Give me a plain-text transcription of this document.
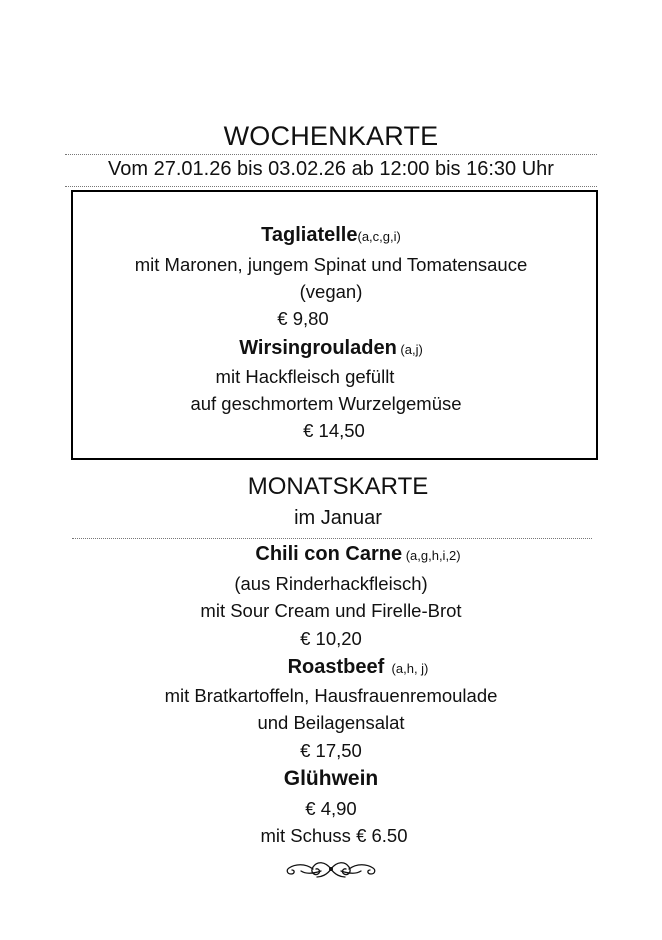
WOCHENKARTE
Vom 27.01.26 bis 03.02.26 ab 12:00 bis 16:30 Uhr
Tagliatelle(a,c,g,i)
mit Maronen, jungem Spinat und Tomatensauce
(vegan)
€ 9,80
Wirsingrouladen (a,j)
mit Hackfleisch gefüllt
auf geschmortem Wurzelgemüse
€ 14,50
MONATSKARTE
im Januar
Chili con Carne (a,g,h,i,2)
(aus Rinderhackfleisch)
mit Sour Cream und Firelle-Brot
€ 10,20
Roastbeef (a,h, j)
mit Bratkartoffeln, Hausfrauenremoulade
und Beilagensalat
€ 17,50
Glühwein
€ 4,90
mit Schuss € 6.50
